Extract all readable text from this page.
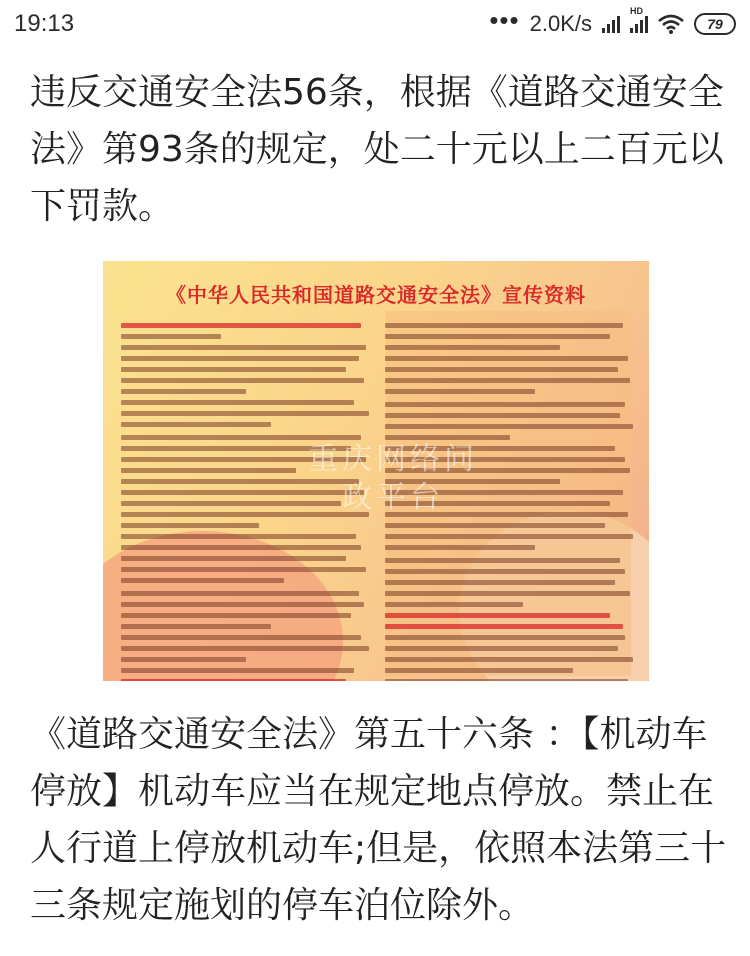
19:13	••• 2.0K/s	HD
79

违反交通安全法56条，根据《道路交通安全法》第93条的规定，处二十元以上二百元以下罚款。

《中华人民共和国道路交通安全法》宣传资料
重庆网络问政平台

《道路交通安全法》第五十六条 ：【机动车停放】机动车应当在规定地点停放。禁止在人行道上停放机动车;但是，依照本法第三十三条规定施划的停车泊位除外。
